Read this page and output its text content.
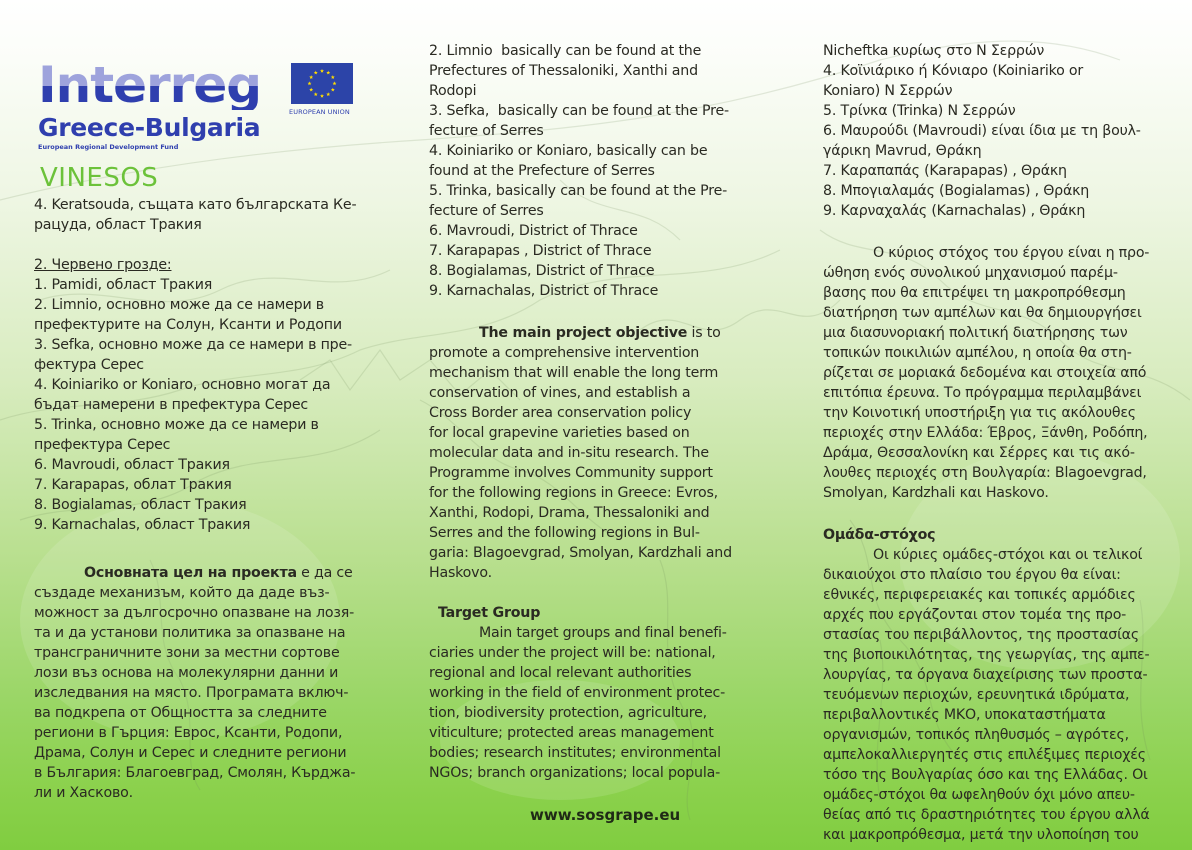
Interreg
Greece-Bulgaria
European Regional Development Fund
EUROPEAN UNION
VINESOS
4. Keratsouda, същата като българската Ке-
рацуда, област Тракия
2. Червено грозде:
1. Pamidi, област Тракия
2. Limnio, основно може да се намери в
префектурите на Солун, Ксанти и Родопи
3. Sefka, основно може да се намери в пре-
фектура Серес
4. Koiniariko or Koniaro, основно могат да
бъдат намерени в префектура Серес
5. Trinka, основно може да се намери в
префектура Серес
6. Mavroudi, област Тракия
7. Karapapas, облат Тракия
8. Bogialamas, област Тракия
9. Karnachalas, област Тракия
Основната цел на проекта е да се
създаде механизъм, който да даде въз-
можност за дългосрочно опазване на лозя-
та и да установи политика за опазване на
трансграничните зони за местни сортове
лози въз основа на молекулярни данни и
изследвания на място. Програмата включ-
ва подкрепа от Общността за следните
региони в Гърция: Еврос, Ксанти, Родопи,
Драма, Солун и Серес и следните региони
в България: Благоевград, Смолян, Кърджа-
ли и Хасково.
2. Limnio  basically can be found at the
Prefectures of Thessaloniki, Xanthi and
Rodopi
3. Sefka,  basically can be found at the Pre-
fecture of Serres
4. Koiniariko or Koniaro, basically can be
found at the Prefecture of Serres
5. Trinka, basically can be found at the Pre-
fecture of Serres
6. Mavroudi, District of Thrace
7. Karapapas , District of Thrace
8. Bogialamas, District of Thrace
9. Karnachalas, District of Thrace
The main project objective is to
promote a comprehensive intervention
mechanism that will enable the long term
conservation of vines, and establish a
Cross Border area conservation policy
for local grapevine varieties based on
molecular data and in-situ research. The
Programme involves Community support
for the following regions in Greece: Evros,
Xanthi, Rodopi, Drama, Thessaloniki and
Serres and the following regions in Bul-
garia: Blagoevgrad, Smolyan, Kardzhali and
Haskovo.
Target Group
Main target groups and final benefi-
ciaries under the project will be: national,
regional and local relevant authorities
working in the field of environment protec-
tion, biodiversity protection, agriculture,
viticulture; protected areas management
bodies; research institutes; environmental
NGOs; branch organizations; local popula-
Nicheftka κυρίως στο Ν Σερρών
4. Κοϊνιάρικο ή Κόνιαρο (Koiniariko or
Koniaro) Ν Σερρών
5. Τρίνκα (Trinka) Ν Σερρών
6. Μαυρούδι (Mavroudi) είναι ίδια με τη βουλ-
γάρικη Mavrud, Θράκη
7. Καραπαπάς (Karapapas) , Θράκη
8. Μπογιαλαμάς (Bogialamas) , Θράκη
9. Καρναχαλάς (Karnachalas) , Θράκη
Ο κύριος στόχος του έργου είναι η προ-
ώθηση ενός συνολικού μηχανισμού παρέμ-
βασης που θα επιτρέψει τη μακροπρόθεσμη
διατήρηση των αμπέλων και θα δημιουργήσει
μια διασυνοριακή πολιτική διατήρησης των
τοπικών ποικιλιών αμπέλου, η οποία θα στη-
ρίζεται σε μοριακά δεδομένα και στοιχεία από
επιτόπια έρευνα. Το πρόγραμμα περιλαμβάνει
την Κοινοτική υποστήριξη για τις ακόλουθες
περιοχές στην Ελλάδα: Έβρος, Ξάνθη, Ροδόπη,
Δράμα, Θεσσαλονίκη και Σέρρες και τις ακό-
λουθες περιοχές στη Βουλγαρία: Blagoevgrad,
Smolyan, Kardzhali και Haskovo.
Ομάδα-στόχος
Οι κύριες ομάδες-στόχοι και οι τελικοί
δικαιούχοι στο πλαίσιο του έργου θα είναι:
εθνικές, περιφερειακές και τοπικές αρμόδιες
αρχές που εργάζονται στον τομέα της προ-
στασίας του περιβάλλοντος, της προστασίας
της βιοποικιλότητας, της γεωργίας, της αμπε-
λουργίας, τα όργανα διαχείρισης των προστα-
τευόμενων περιοχών, ερευνητικά ιδρύματα,
περιβαλλοντικές ΜΚΟ, υποκαταστήματα
οργανισμών, τοπικός πληθυσμός – αγρότες,
αμπελοκαλλιεργητές στις επιλέξιμες περιοχές
τόσο της Βουλγαρίας όσο και της Ελλάδας. Οι
ομάδες-στόχοι θα ωφεληθούν όχι μόνο απευ-
θείας από τις δραστηριότητες του έργου αλλά
και μακροπρόθεσμα, μετά την υλοποίηση του
www.sosgrape.eu
